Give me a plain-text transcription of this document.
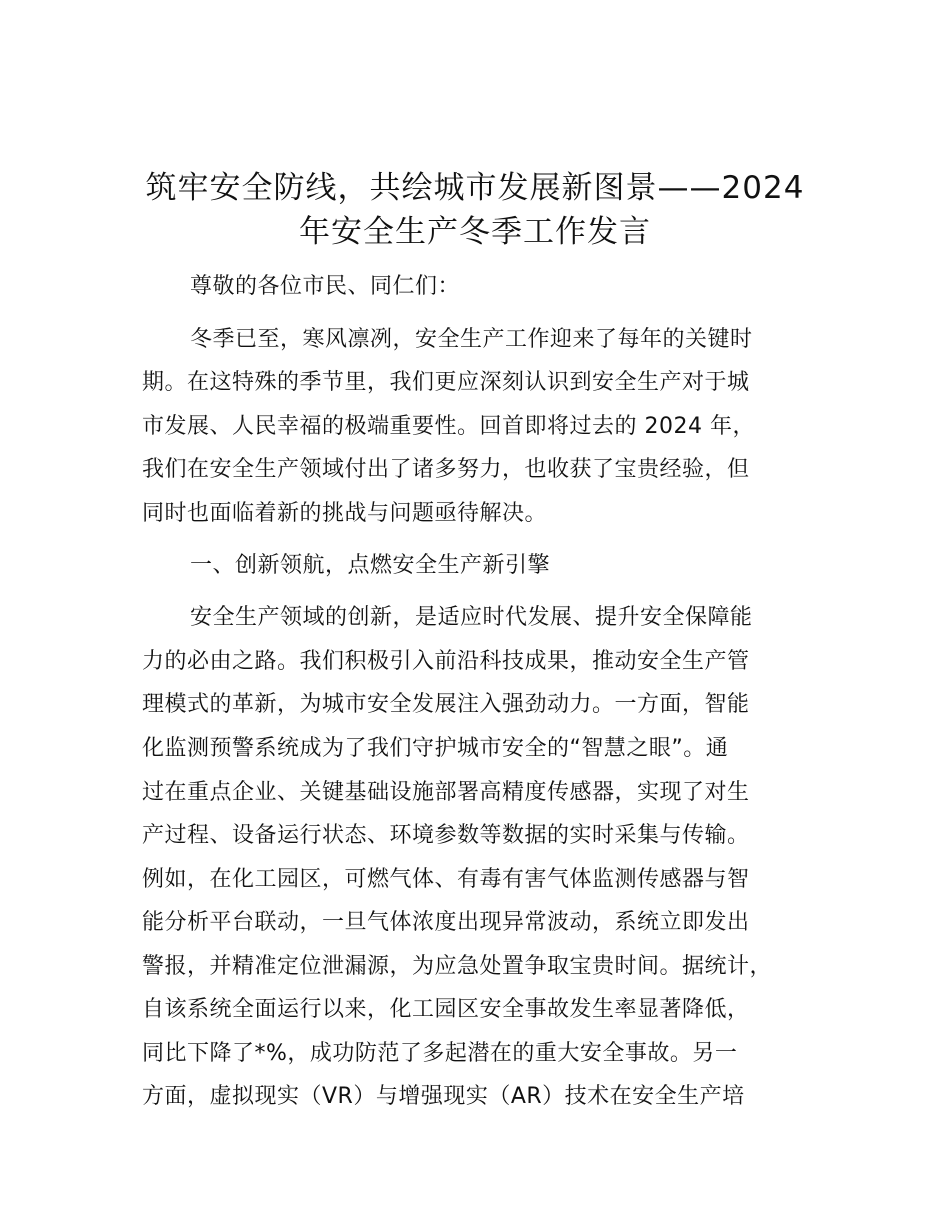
筑牢安全防线，共绘城市发展新图景——2024
年安全生产冬季工作发言
尊敬的各位市民、同仁们：
冬季已至，寒风凛冽，安全生产工作迎来了每年的关键时
期。在这特殊的季节里，我们更应深刻认识到安全生产对于城
市发展、人民幸福的极端重要性。回首即将过去的 2024 年，
我们在安全生产领域付出了诸多努力，也收获了宝贵经验，但
同时也面临着新的挑战与问题亟待解决。
一、创新领航，点燃安全生产新引擎
安全生产领域的创新，是适应时代发展、提升安全保障能
力的必由之路。我们积极引入前沿科技成果，推动安全生产管
理模式的革新，为城市安全发展注入强劲动力。一方面，智能
化监测预警系统成为了我们守护城市安全的“智慧之眼”。通
过在重点企业、关键基础设施部署高精度传感器，实现了对生
产过程、设备运行状态、环境参数等数据的实时采集与传输。
例如，在化工园区，可燃气体、有毒有害气体监测传感器与智
能分析平台联动，一旦气体浓度出现异常波动，系统立即发出
警报，并精准定位泄漏源，为应急处置争取宝贵时间。据统计，
自该系统全面运行以来，化工园区安全事故发生率显著降低，
同比下降了*%，成功防范了多起潜在的重大安全事故。另一
方面，虚拟现实（VR）与增强现实（AR）技术在安全生产培
